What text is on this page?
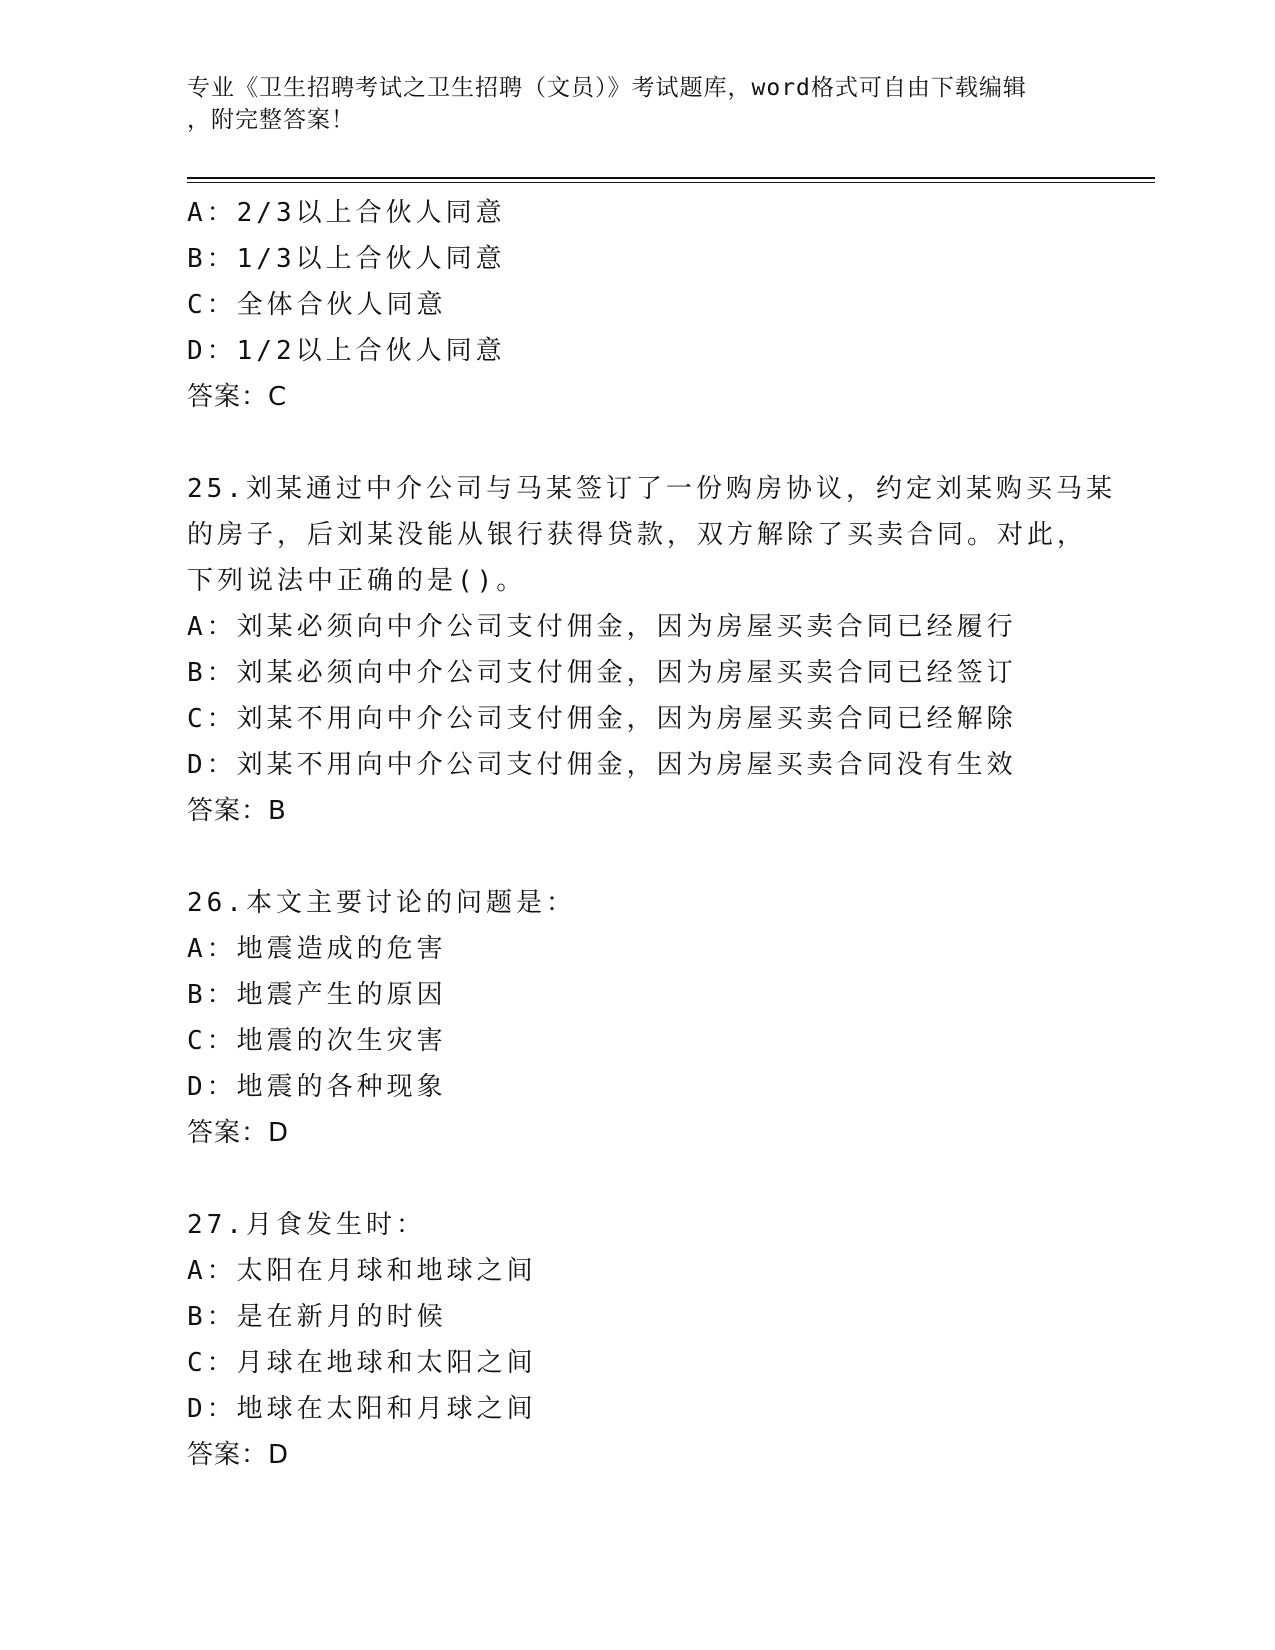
专业《卫生招聘考试之卫生招聘（文员）》考试题库，word格式可自由下载编辑
，附完整答案！
A：2/3以上合伙人同意
B：1/3以上合伙人同意
C：全体合伙人同意
D：1/2以上合伙人同意
答案：C
25.刘某通过中介公司与马某签订了一份购房协议，约定刘某购买马某
的房子，后刘某没能从银行获得贷款，双方解除了买卖合同。对此，
下列说法中正确的是()。
A：刘某必须向中介公司支付佣金，因为房屋买卖合同已经履行
B：刘某必须向中介公司支付佣金，因为房屋买卖合同已经签订
C：刘某不用向中介公司支付佣金，因为房屋买卖合同已经解除
D：刘某不用向中介公司支付佣金，因为房屋买卖合同没有生效
答案：B
26.本文主要讨论的问题是：
A：地震造成的危害
B：地震产生的原因
C：地震的次生灾害
D：地震的各种现象
答案：D
27.月食发生时：
A：太阳在月球和地球之间
B：是在新月的时候
C：月球在地球和太阳之间
D：地球在太阳和月球之间
答案：D
